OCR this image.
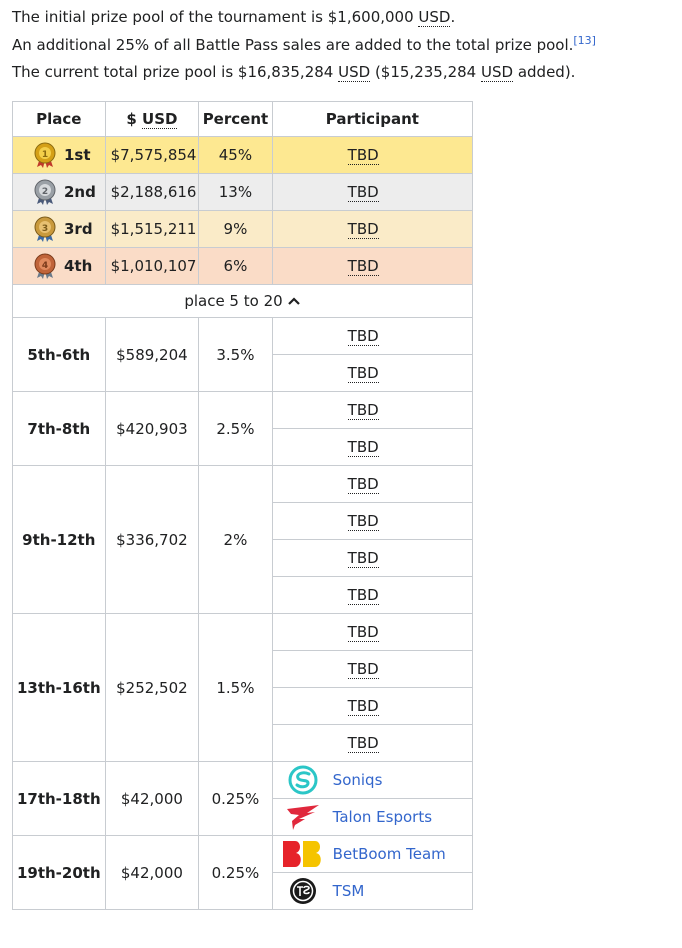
The initial prize pool of the tournament is $1,600,000 USD.

An additional 25% of all Battle Pass sales are added to the total prize pool.[13]

The current total prize pool is $16,835,284 USD ($15,235,284 USD added).

Place	$ USD	Percent	Participant

1 1st	$7,575,854	45%	TBD

2 2nd	$2,188,616	13%	TBD

3 3rd	$1,515,211	9%	TBD

4 4th	$1,010,107	6%	TBD

place 5 to 20			

5th-6th	$589,204	3.5%	TBD
			TBD
7th-8th	$420,903	2.5%	TBD
			TBD
9th-12th	$336,702	2%	TBD
			TBD
			TBD
			TBD
13th-16th	$252,502	1.5%	TBD
			TBD
			TBD
			TBD
17th-18th	$42,000	0.25%	Soniqs

			Talon Esports

19th-20th	$42,000	0.25%	BetBoom Team

			TSM
